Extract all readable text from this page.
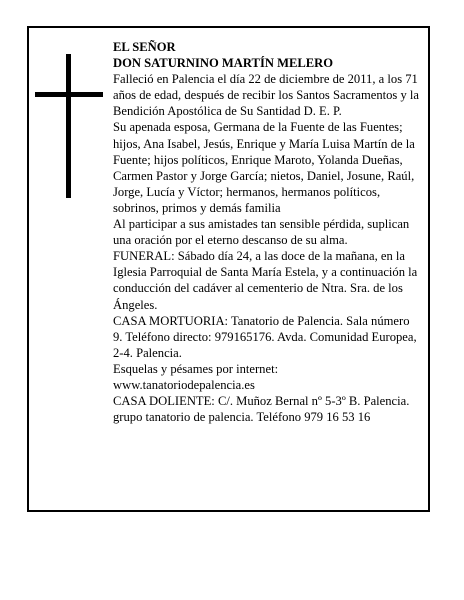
EL SEÑOR

DON SATURNINO MARTÍN MELERO

Falleció en Palencia el día 22 de diciembre de 2011, a los 71 años de edad, después de recibir los Santos Sacramentos y la Bendición Apostólica de Su Santidad D. E. P.

Su apenada esposa, Germana de la Fuente de las Fuentes; hijos, Ana Isabel, Jesús, Enrique y María Luisa Martín de la Fuente; hijos políticos, Enrique Maroto, Yolanda Dueñas, Carmen Pastor y Jorge García; nietos, Daniel, Josune, Raúl, Jorge, Lucía y Víctor; hermanos, hermanos políticos, sobrinos, primos y demás familia

Al participar a sus amistades tan sensible pérdida, suplican una oración por el eterno descanso de su alma.

FUNERAL: Sábado día 24, a las doce de la mañana, en la Iglesia Parroquial de Santa María Estela, y a continuación la conducción del cadáver al cementerio de Ntra. Sra. de los Ángeles.

CASA MORTUORIA: Tanatorio de Palencia. Sala número 9. Teléfono directo: 979165176. Avda. Comunidad Europea, 2-4. Palencia.

Esquelas y pésames por internet: www.tanatoriodepalencia.es

CASA DOLIENTE: C/. Muñoz Bernal nº 5-3º B. Palencia.

grupo tanatorio de palencia. Teléfono 979 16 53 16
